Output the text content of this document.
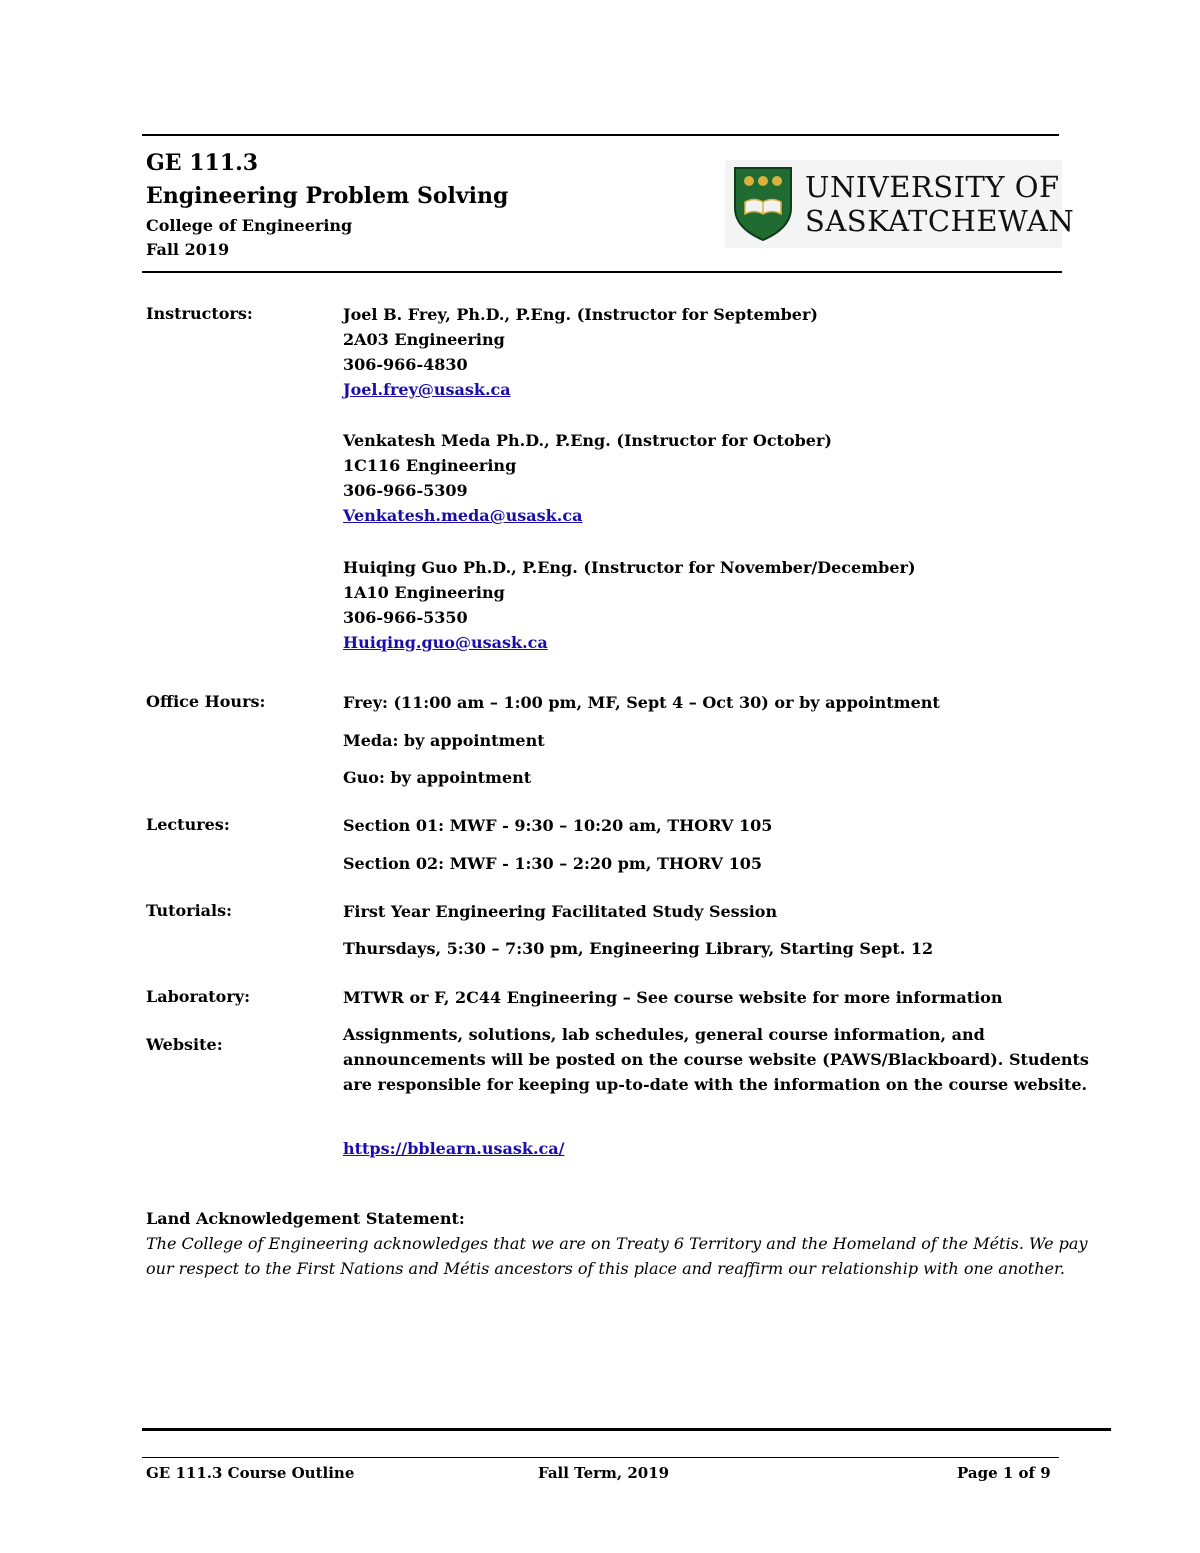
GE 111.3
Engineering Problem Solving
College of Engineering
Fall 2019
UNIVERSITY OF
SASKATCHEWAN
Instructors:	Joel B. Frey, Ph.D., P.Eng. (Instructor for September)
2A03 Engineering
306-966-4830
Joel.frey@usask.ca
Venkatesh Meda Ph.D., P.Eng. (Instructor for October)
1C116 Engineering
306-966-5309
Venkatesh.meda@usask.ca
Huiqing Guo Ph.D., P.Eng. (Instructor for November/December)
1A10 Engineering
306-966-5350
Huiqing.guo@usask.ca
Office Hours:	Frey: (11:00 am – 1:00 pm, MF, Sept 4 – Oct 30) or by appointment
Meda: by appointment
Guo: by appointment
Lectures:	Section 01: MWF - 9:30 – 10:20 am, THORV 105
Section 02: MWF - 1:30 – 2:20 pm, THORV 105
Tutorials:	First Year Engineering Facilitated Study Session
Thursdays, 5:30 – 7:30 pm, Engineering Library, Starting Sept. 12
Laboratory:	MTWR or F, 2C44 Engineering – See course website for more information
Website:
Assignments, solutions, lab schedules, general course information, and announcements will be posted on the course website (PAWS/Blackboard). Students are responsible for keeping up-to-date with the information on the course website.
https://bblearn.usask.ca/
Land Acknowledgement Statement:
The College of Engineering acknowledges that we are on Treaty 6 Territory and the Homeland of the Métis. We pay our respect to the First Nations and Métis ancestors of this place and reaffirm our relationship with one another.
GE 111.3 Course Outline	Fall Term, 2019	Page 1 of 9
